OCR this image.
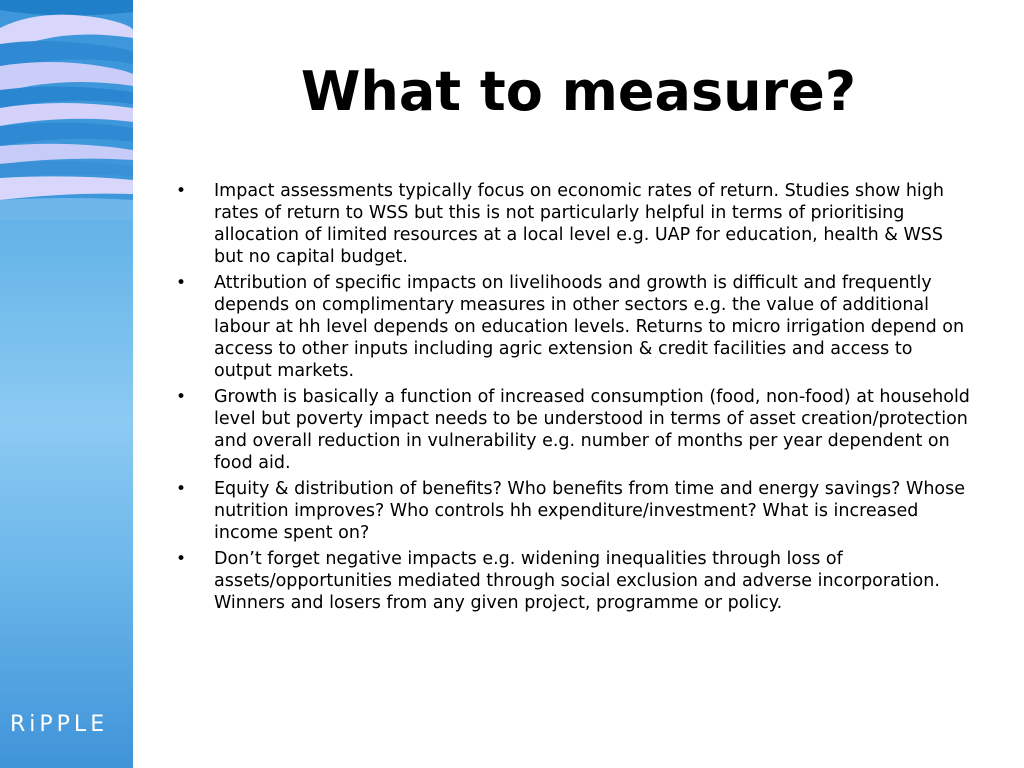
RiPPLE
What to measure?
• Impact assessments typically focus on economic rates of return. Studies show high rates of return to WSS but this is not particularly helpful in terms of prioritising allocation of limited resources at a local level e.g. UAP for education, health & WSS but no capital budget.
• Attribution of specific impacts on livelihoods and growth is difficult and frequently depends on complimentary measures in other sectors e.g. the value of additional labour at hh level depends on education levels. Returns to micro irrigation depend on access to other inputs including agric extension & credit facilities and access to output markets.
• Growth is basically a function of increased consumption (food, non-food) at household level but poverty impact needs to be understood in terms of asset creation/protection and overall reduction in vulnerability e.g. number of months per year dependent on food aid.
• Equity & distribution of benefits? Who benefits from time and energy savings? Whose nutrition improves? Who controls hh expenditure/investment? What is increased income spent on?
• Don’t forget negative impacts e.g. widening inequalities through loss of assets/opportunities mediated through social exclusion and adverse incorporation. Winners and losers from any given project, programme or policy.
